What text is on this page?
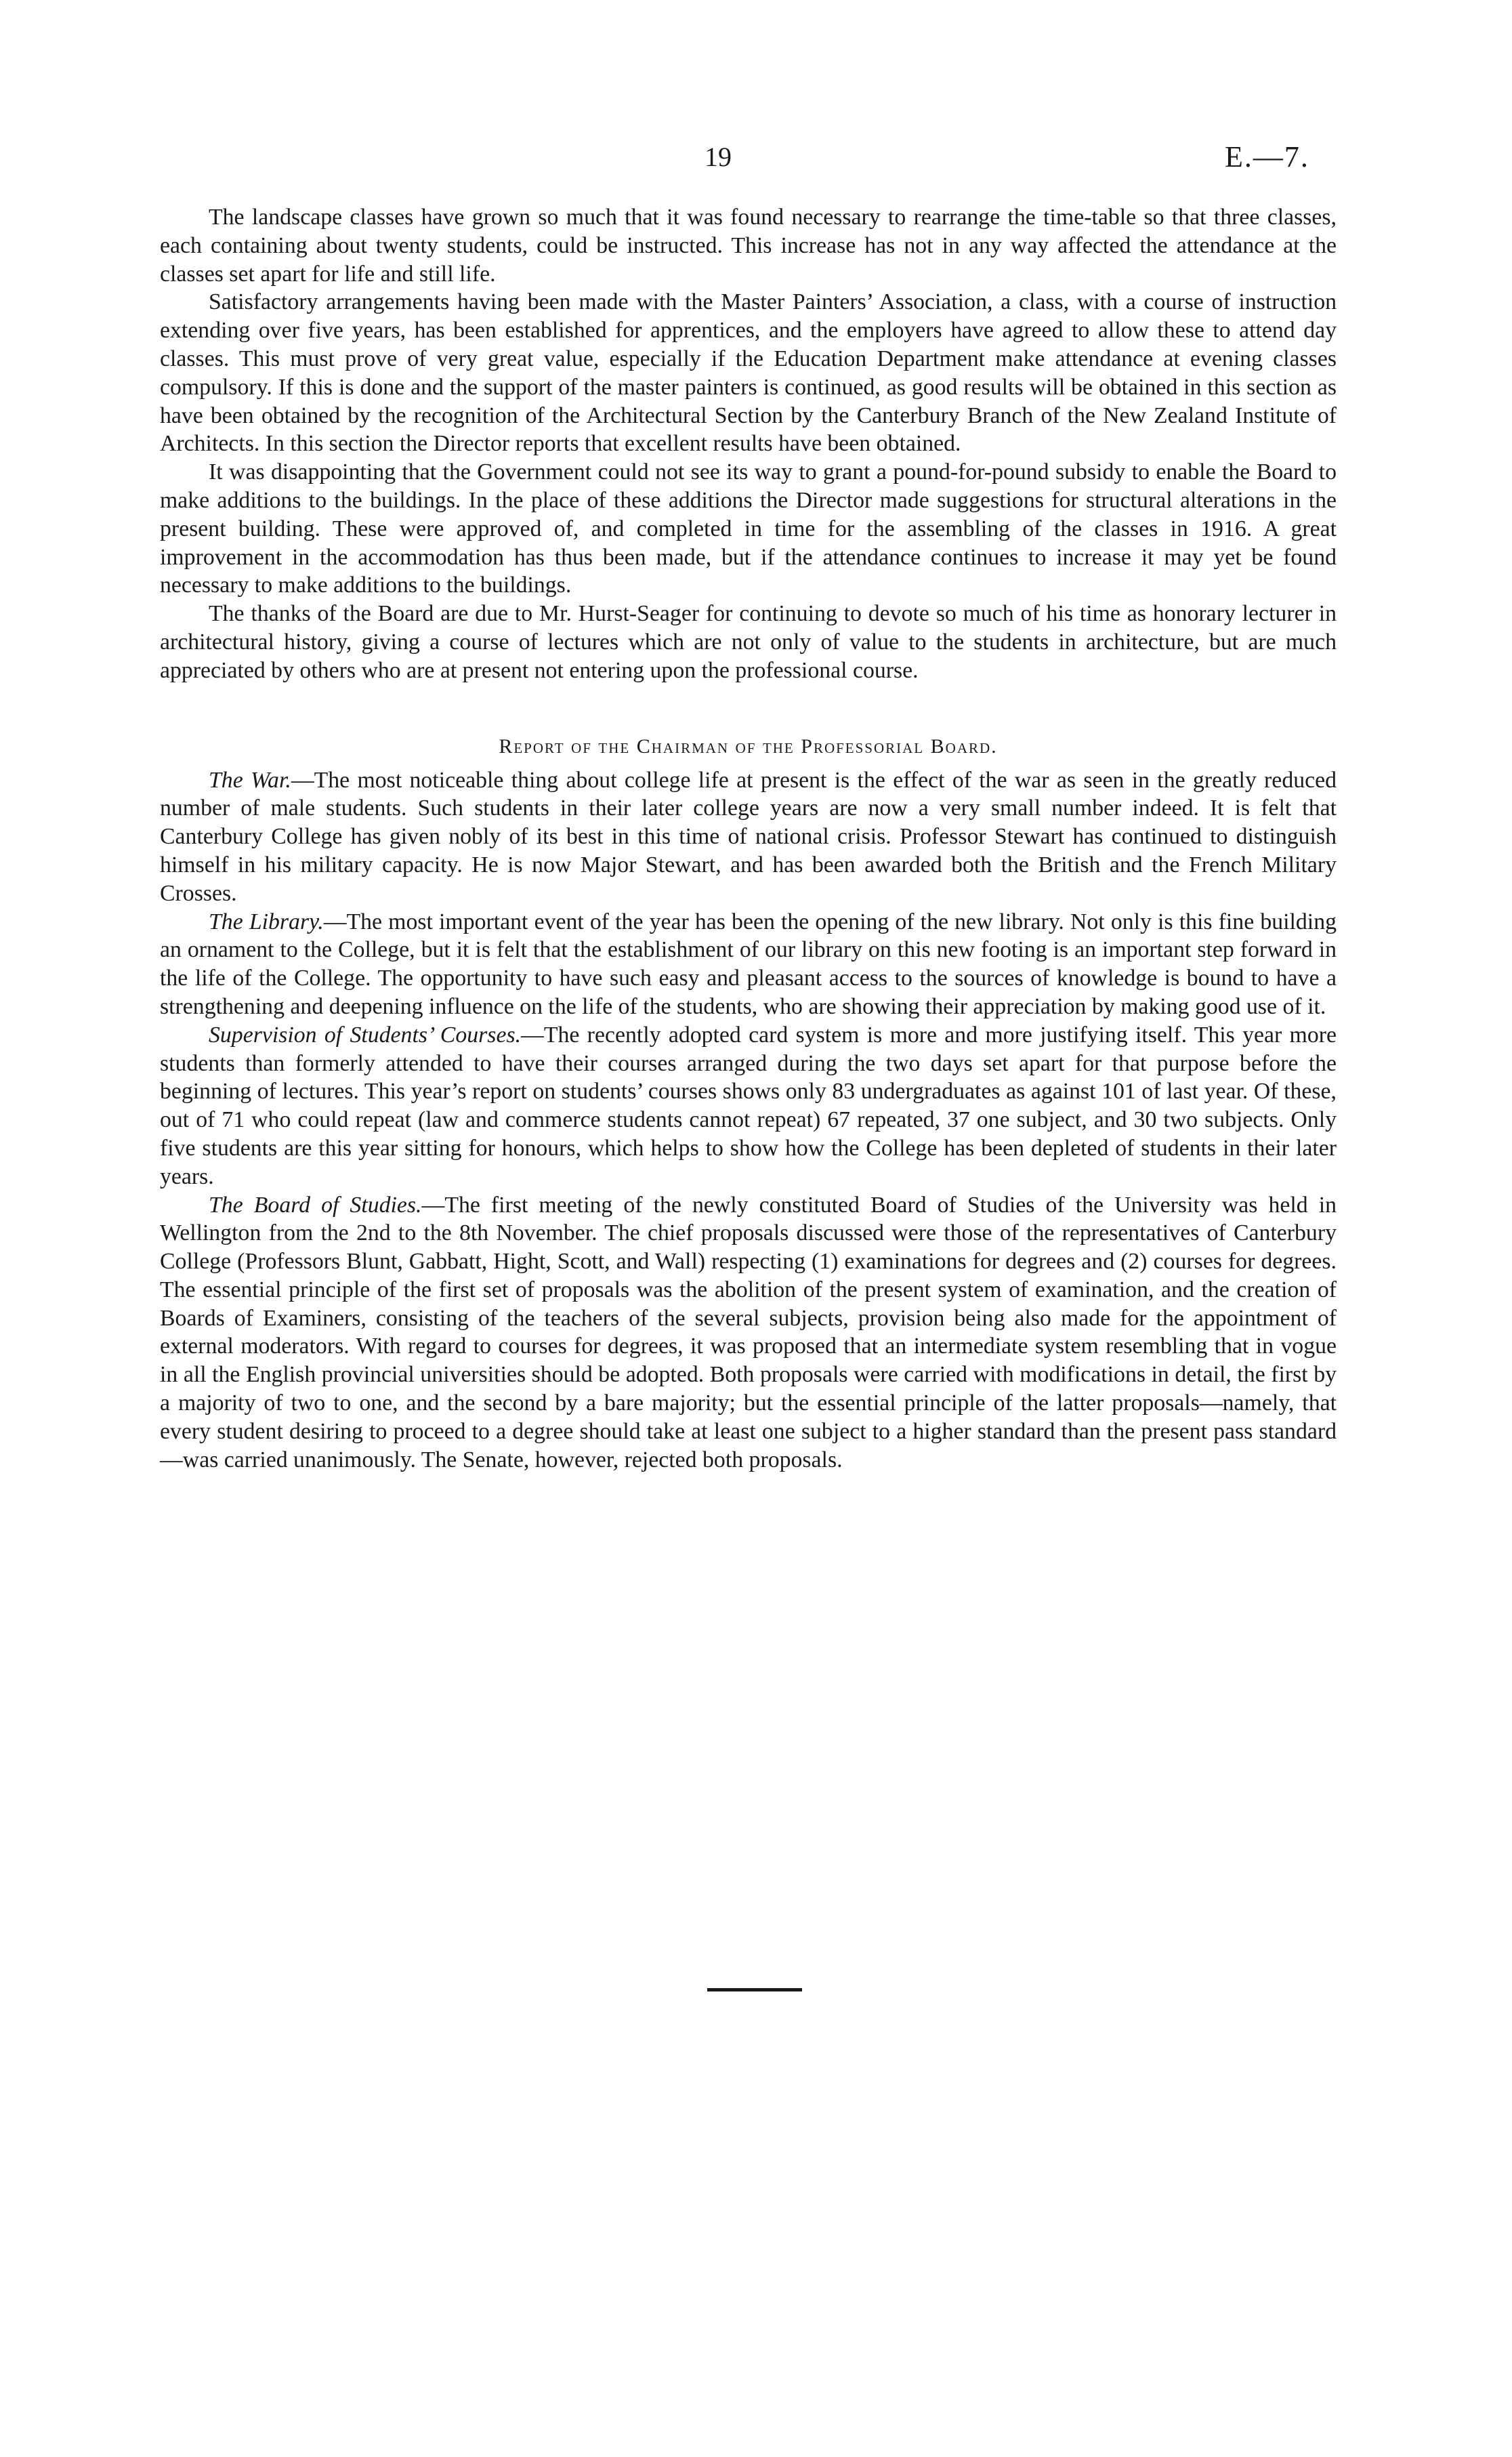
19	E.—7.

The landscape classes have grown so much that it was found necessary to rearrange the time-table so that three classes, each containing about twenty students, could be instructed. This increase has not in any way affected the attendance at the classes set apart for life and still life.

Satisfactory arrangements having been made with the Master Painters’ Association, a class, with a course of instruction extending over five years, has been established for apprentices, and the employers have agreed to allow these to attend day classes. This must prove of very great value, especially if the Education Department make attendance at evening classes compulsory. If this is done and the support of the master painters is continued, as good results will be obtained in this section as have been obtained by the recognition of the Architectural Section by the Canterbury Branch of the New Zealand Institute of Architects. In this section the Director reports that excellent results have been obtained.

It was disappointing that the Government could not see its way to grant a pound-for-pound subsidy to enable the Board to make additions to the buildings. In the place of these additions the Director made suggestions for structural alterations in the present building. These were approved of, and completed in time for the assembling of the classes in 1916. A great improvement in the accommodation has thus been made, but if the attendance continues to increase it may yet be found necessary to make additions to the buildings.

The thanks of the Board are due to Mr. Hurst-Seager for continuing to devote so much of his time as honorary lecturer in architectural history, giving a course of lectures which are not only of value to the students in architecture, but are much appreciated by others who are at present not entering upon the professional course.

Report of the Chairman of the Professorial Board.

The War.—The most noticeable thing about college life at present is the effect of the war as seen in the greatly reduced number of male students. Such students in their later college years are now a very small number indeed. It is felt that Canterbury College has given nobly of its best in this time of national crisis. Professor Stewart has continued to distinguish himself in his military capacity. He is now Major Stewart, and has been awarded both the British and the French Military Crosses.

The Library.—The most important event of the year has been the opening of the new library. Not only is this fine building an ornament to the College, but it is felt that the establishment of our library on this new footing is an important step forward in the life of the College. The opportunity to have such easy and pleasant access to the sources of knowledge is bound to have a strengthening and deepening influence on the life of the students, who are showing their appreciation by making good use of it.

Supervision of Students’ Courses.—The recently adopted card system is more and more justifying itself. This year more students than formerly attended to have their courses arranged during the two days set apart for that purpose before the beginning of lectures. This year’s report on students’ courses shows only 83 undergraduates as against 101 of last year. Of these, out of 71 who could repeat (law and commerce students cannot repeat) 67 repeated, 37 one subject, and 30 two subjects. Only five students are this year sitting for honours, which helps to show how the College has been depleted of students in their later years.

The Board of Studies.—The first meeting of the newly constituted Board of Studies of the University was held in Wellington from the 2nd to the 8th November. The chief proposals discussed were those of the representatives of Canterbury College (Professors Blunt, Gabbatt, Hight, Scott, and Wall) respecting (1) examinations for degrees and (2) courses for degrees. The essential principle of the first set of proposals was the abolition of the present system of examination, and the creation of Boards of Examiners, consisting of the teachers of the several subjects, provision being also made for the appointment of external moderators. With regard to courses for degrees, it was proposed that an intermediate system resembling that in vogue in all the English provincial universities should be adopted. Both proposals were carried with modifications in detail, the first by a majority of two to one, and the second by a bare majority; but the essential principle of the latter proposals—namely, that every student desiring to proceed to a degree should take at least one subject to a higher standard than the present pass standard—was carried unanimously. The Senate, however, rejected both proposals.
